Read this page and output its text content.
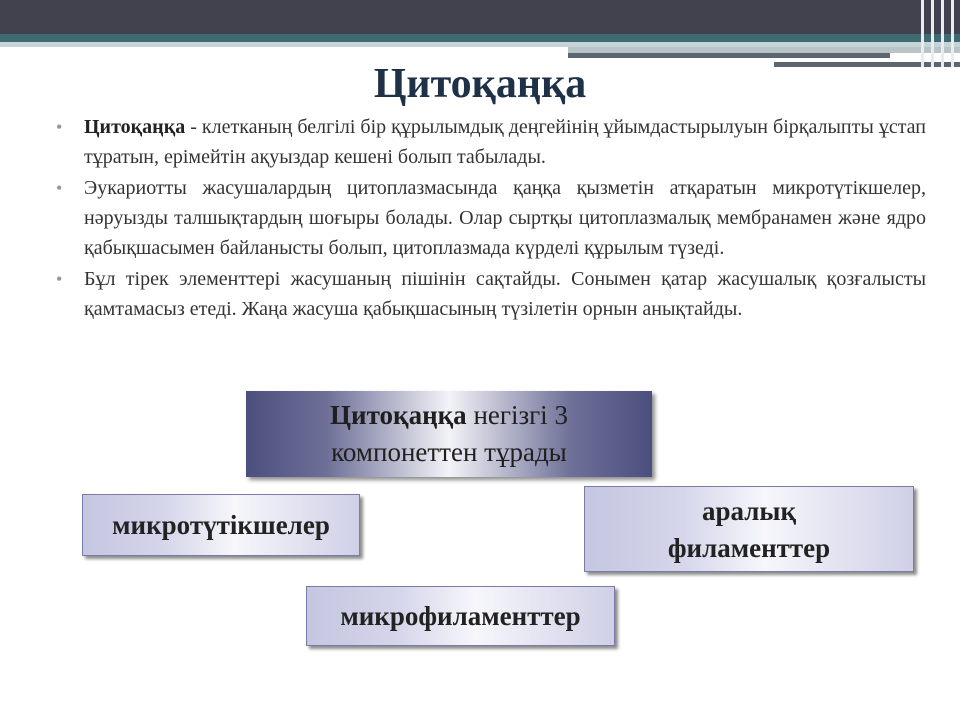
Цитоқаңқа
• Цитоқаңқа - клетканың белгілі бір құрылымдық деңгейінің ұйымдастырылуын бірқалыпты ұстап тұратын, ерімейтін ақуыздар кешені болып табылады.
• Эукариотты жасушалардың цитоплазмасында қаңқа қызметін атқаратын микротүтікшелер, нәруызды талшықтардың шоғыры болады. Олар сыртқы цитоплазмалық мембранамен және ядро қабықшасымен байланысты болып, цитоплазмада күрделі құрылым түзеді.
• Бұл тірек элементтері жасушаның пішінін сақтайды. Сонымен қатар жасушалық қозғалысты қамтамасыз етеді. Жаңа жасуша қабықшасының түзілетін орнын анықтайды.
Цитоқаңқа негізгі 3
компонеттен тұрады
микротүтікшелер	аралық
филаменттер
микрофиламенттер
